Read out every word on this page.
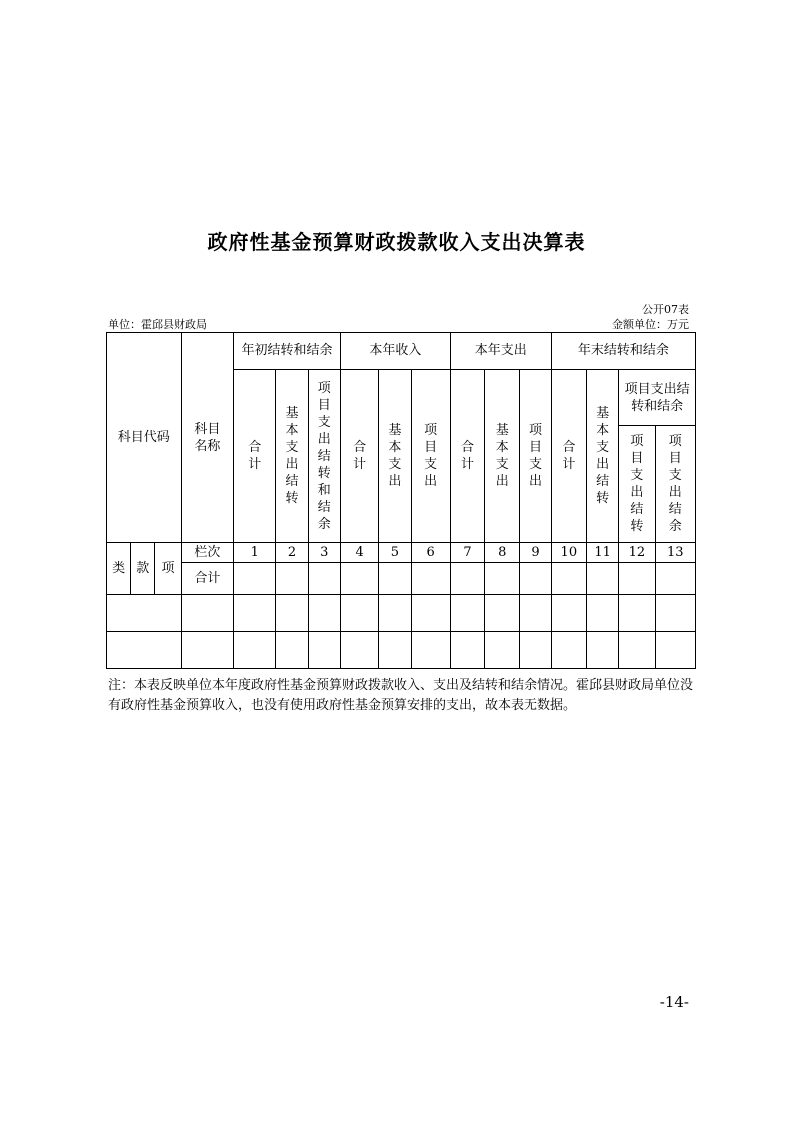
政府性基金预算财政拨款收入支出决算表
公开07表
单位：霍邱县财政局	金额单位：万元
科目代码			科目名称	年初结转和结余			本年收入			本年支出			年末结转和结余			

				合计	基本支出结转	项目支出结转和结余	合计	基本支出	项目支出	合计	基本支出	项目支出	合计	基本支出结转	项目支出结转和结余	

															项目支出结转	项目支出结余

类	款	项	栏次	1	2	3	4	5	6	7	8	9	10	11	12	13
			合计													

注：本表反映单位本年度政府性基金预算财政拨款收入、支出及结转和结余情况。霍邱县财政局单位没有政府性基金预算收入，也没有使用政府性基金预算安排的支出，故本表无数据。
-14-
